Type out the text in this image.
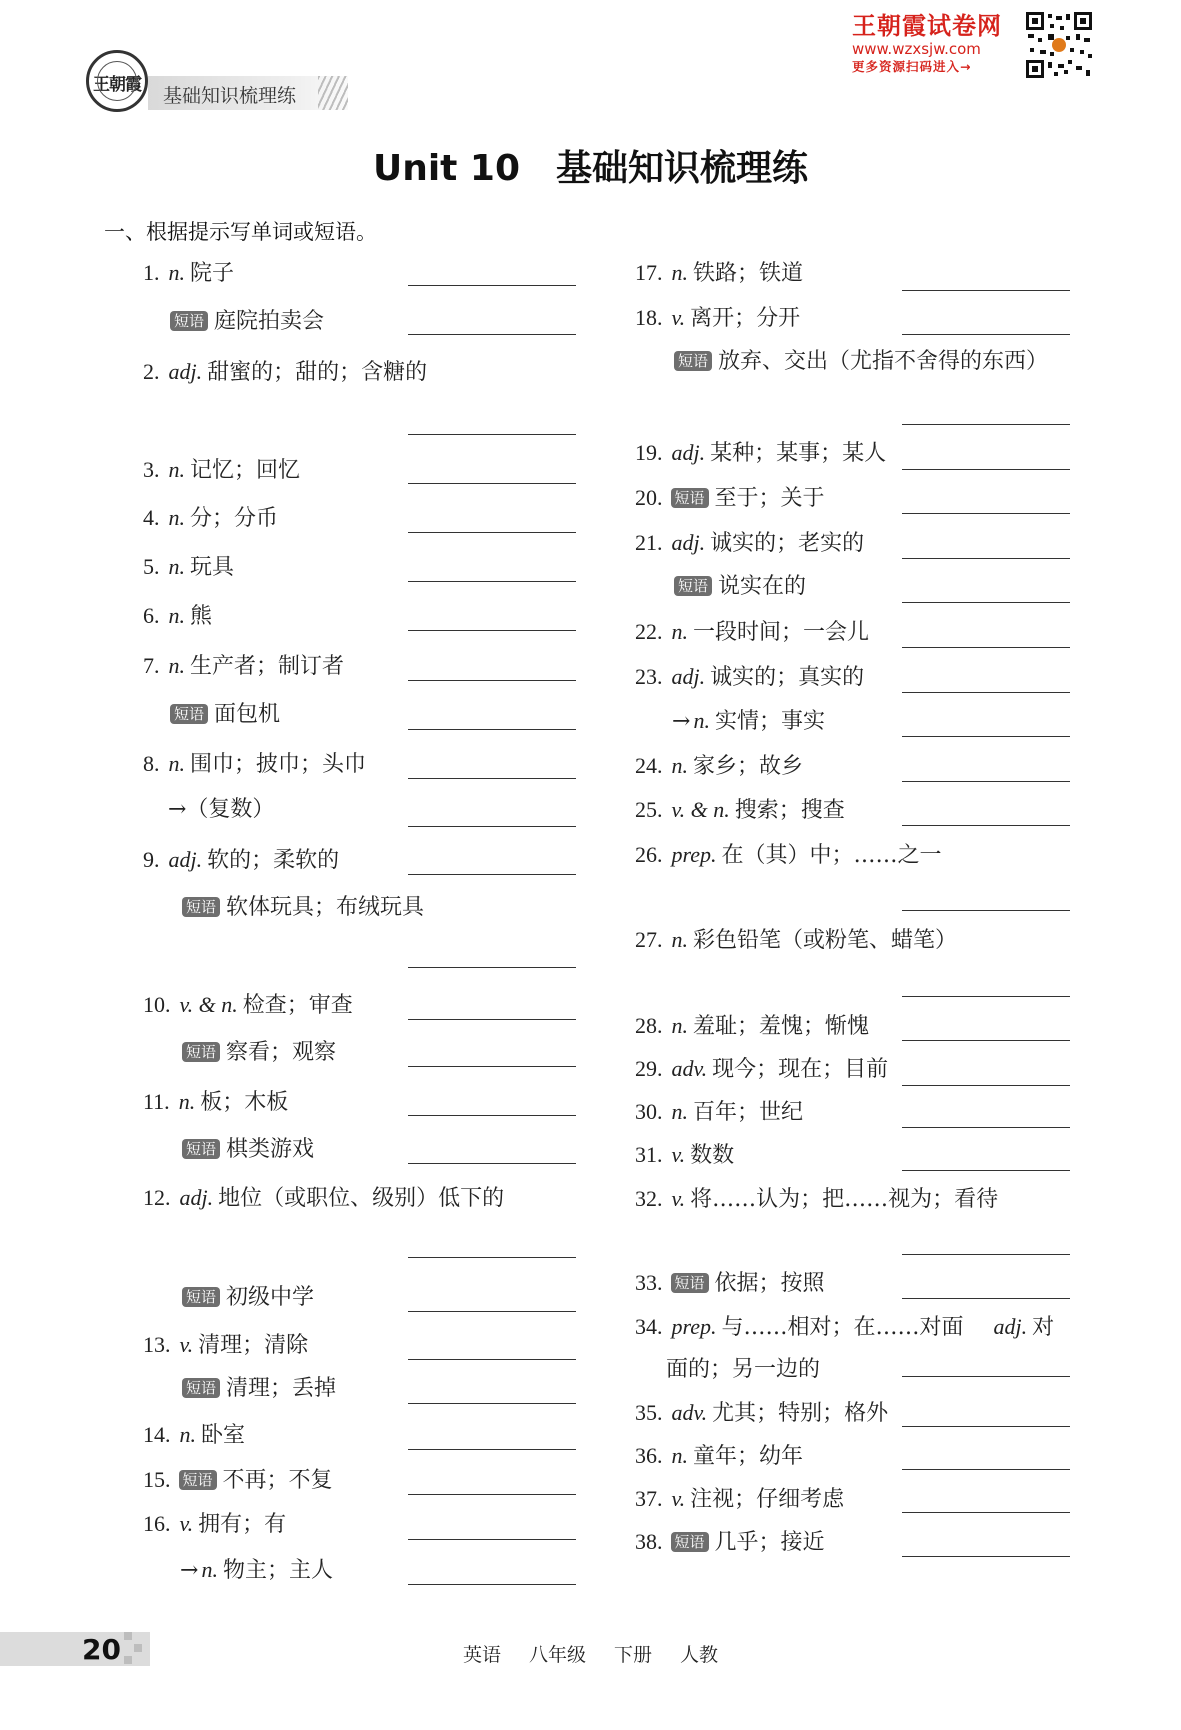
王朝霞 基础知识梳理练
王朝霞试卷网
www.wzxsjw.com
更多资源扫码进入→
Unit 10 基础知识梳理练
一、根据提示写单词或短语。
1. n. 院子
短语 庭院拍卖会
2. adj. 甜蜜的；甜的；含糖的
3. n. 记忆；回忆
4. n. 分；分币
5. n. 玩具
6. n. 熊
7. n. 生产者；制订者
短语 面包机
8. n. 围巾；披巾；头巾
→（复数）
9. adj. 软的；柔软的
短语 软体玩具；布绒玩具
10. v. & n. 检查；审查
短语 察看；观察
11. n. 板；木板
短语 棋类游戏
12. adj. 地位（或职位、级别）低下的
短语 初级中学
13. v. 清理；清除
短语 清理；丢掉
14. n. 卧室
15. 短语 不再；不复
16. v. 拥有；有
→ n. 物主；主人
17. n. 铁路；铁道
18. v. 离开；分开
短语 放弃、交出（尤指不舍得的东西）
19. adj. 某种；某事；某人
20. 短语 至于；关于
21. adj. 诚实的；老实的
短语 说实在的
22. n. 一段时间；一会儿
23. adj. 诚实的；真实的
→ n. 实情；事实
24. n. 家乡；故乡
25. v. & n. 搜索；搜查
26. prep. 在（其）中；……之一
27. n. 彩色铅笔（或粉笔、蜡笔）
28. n. 羞耻；羞愧；惭愧
29. adv. 现今；现在；目前
30. n. 百年；世纪
31. v. 数数
32. v. 将……认为；把……视为；看待
33. 短语 依据；按照
34. prep. 与……相对；在……对面 adj. 对
面的；另一边的
35. adv. 尤其；特别；格外
36. n. 童年；幼年
37. v. 注视；仔细考虑
38. 短语 几乎；接近
20	英语 八年级 下册 人教
